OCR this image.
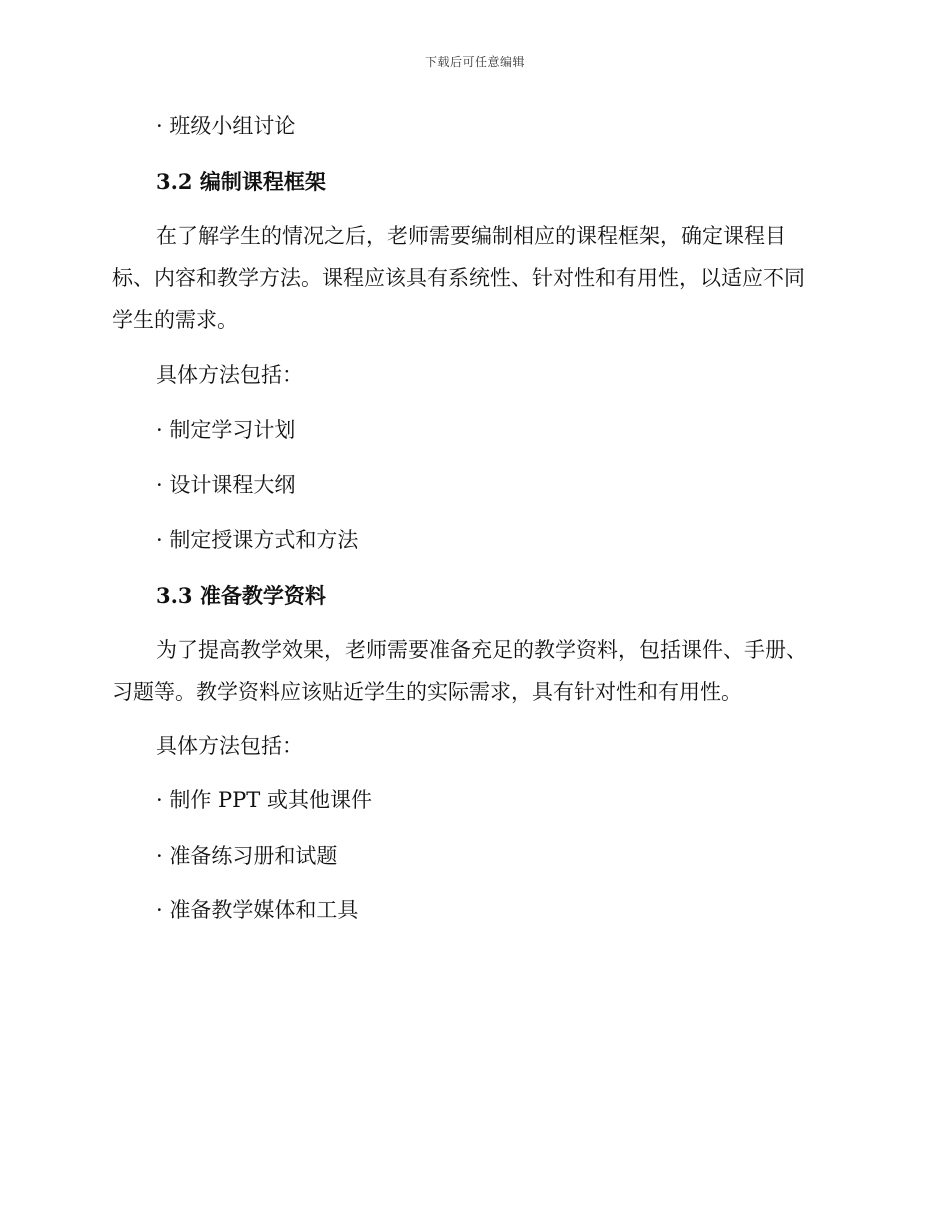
下载后可任意编辑
· 班级小组讨论
3.2 编制课程框架
在了解学生的情况之后，老师需要编制相应的课程框架，确定课程目
标、内容和教学方法。课程应该具有系统性、针对性和有用性，以适应不同
学生的需求。
具体方法包括：
· 制定学习计划
· 设计课程大纲
· 制定授课方式和方法
3.3 准备教学资料
为了提高教学效果，老师需要准备充足的教学资料，包括课件、手册、
习题等。教学资料应该贴近学生的实际需求，具有针对性和有用性。
具体方法包括：
· 制作 PPT 或其他课件
· 准备练习册和试题
· 准备教学媒体和工具
